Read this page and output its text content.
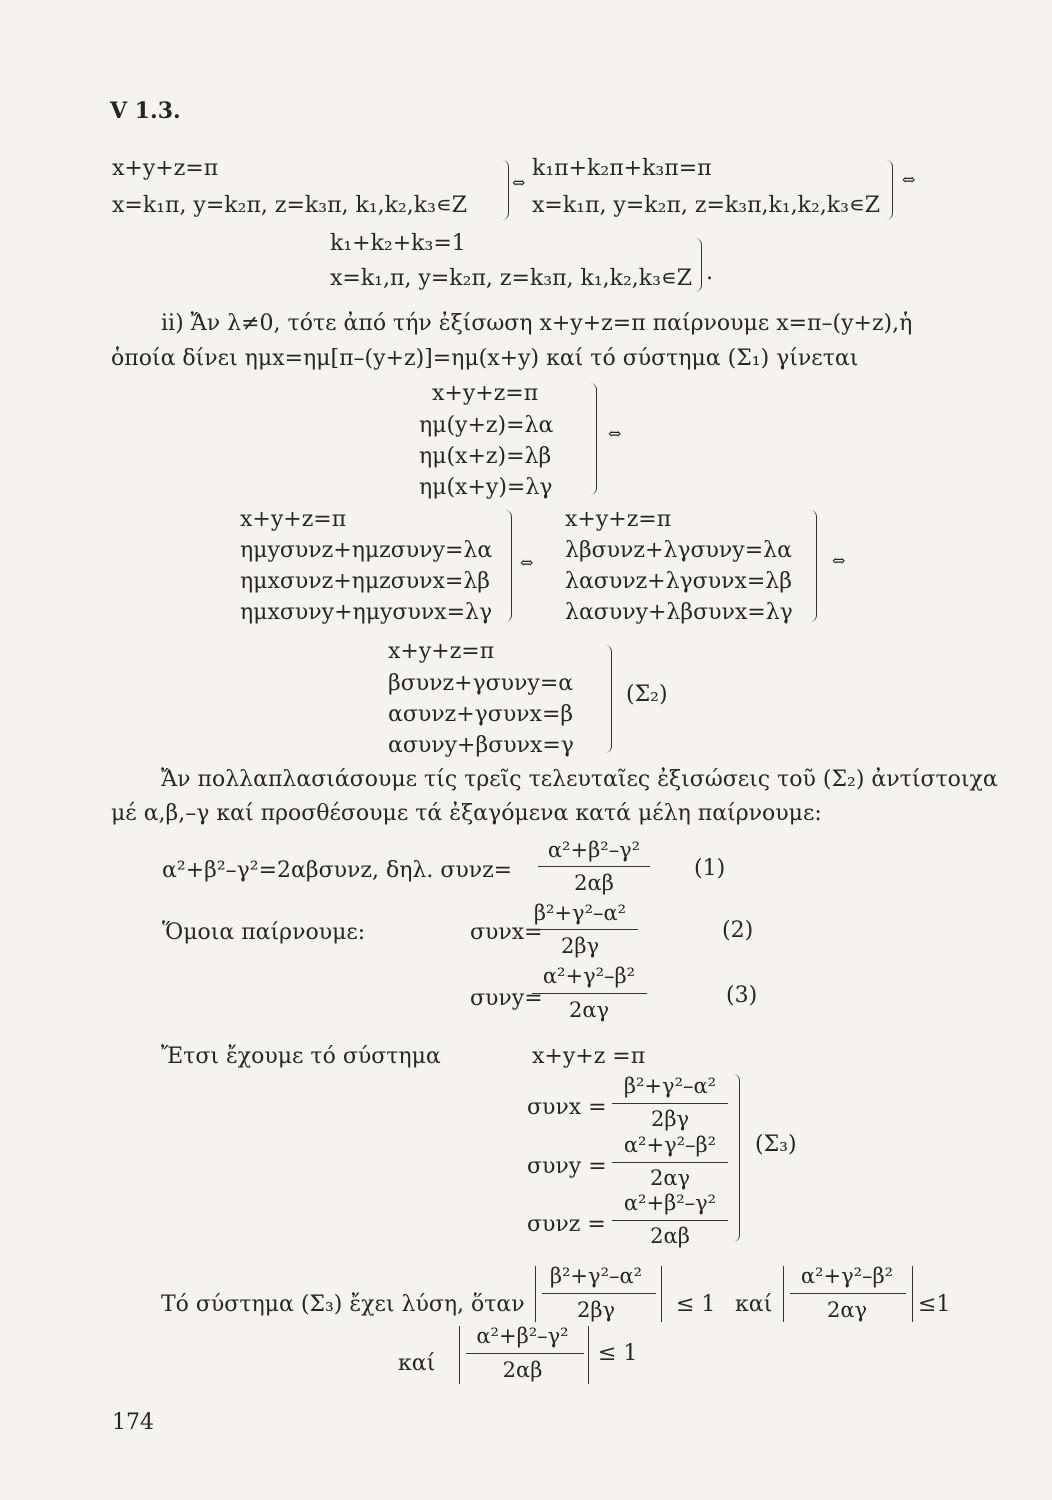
V 1.3.
x+y+z=π
x=k₁π, y=k₂π, z=k₃π, k₁,k₂,k₃∊Z
⇔
k₁π+k₂π+k₃π=π
x=k₁π, y=k₂π, z=k₃π,k₁,k₂,k₃∊Z
⇔
k₁+k₂+k₃=1
x=k₁,π, y=k₂π, z=k₃π, k₁,k₂,k₃∊Z .
ii) Ἄν λ≠0, τότε ἀπό τήν ἐξίσωση x+y+z=π παίρνουμε x=π–(y+z),ἡ
ὁποία δίνει ημx=ημ[π–(y+z)]=ημ(x+y) καί τό σύστημα (Σ₁) γίνεται
x+y+z=π
ημ(y+z)=λα
ημ(x+z)=λβ
ημ(x+y)=λγ
⇔
x+y+z=π
ημyσυνz+ημzσυνy=λα
ημxσυνz+ημzσυνx=λβ
ημxσυνy+ημyσυνx=λγ
⇔
x+y+z=π
λβσυνz+λγσυνy=λα
λασυνz+λγσυνx=λβ
λασυνy+λβσυνx=λγ
⇔
x+y+z=π
βσυνz+γσυνy=α
ασυνz+γσυνx=β
ασυνy+βσυνx=γ
(Σ₂)
Ἄν πολλαπλασιάσουμε τίς τρεῖς τελευταῖες ἐξισώσεις τοῦ (Σ₂) ἀντίστοιχα
μέ α,β,–γ καί προσθέσουμε τά ἐξαγόμενα κατά μέλη παίρνουμε:
α²+β²–γ²=2αβσυνz, δηλ. συνz=
α²+β²–γ²
2αβ
(1)
Ὅμοια παίρνουμε:	συνx=
β²+γ²–α²
2βγ
(2)
συνy=
α²+γ²–β²
2αγ
(3)
Ἔτσι ἔχουμε τό σύστημα	x+y+z =π
συνx =
β²+γ²–α²
2βγ
συνy =
α²+γ²–β²
2αγ
συνz =
α²+β²–γ²
2αβ
(Σ₃)
Τό σύστημα (Σ₃) ἔχει λύση, ὅταν
β²+γ²–α²
2βγ	≤ 1 καί
α²+γ²–β²
2αγ	≤1
καί
α²+β²–γ²
2αβ
≤ 1
174
